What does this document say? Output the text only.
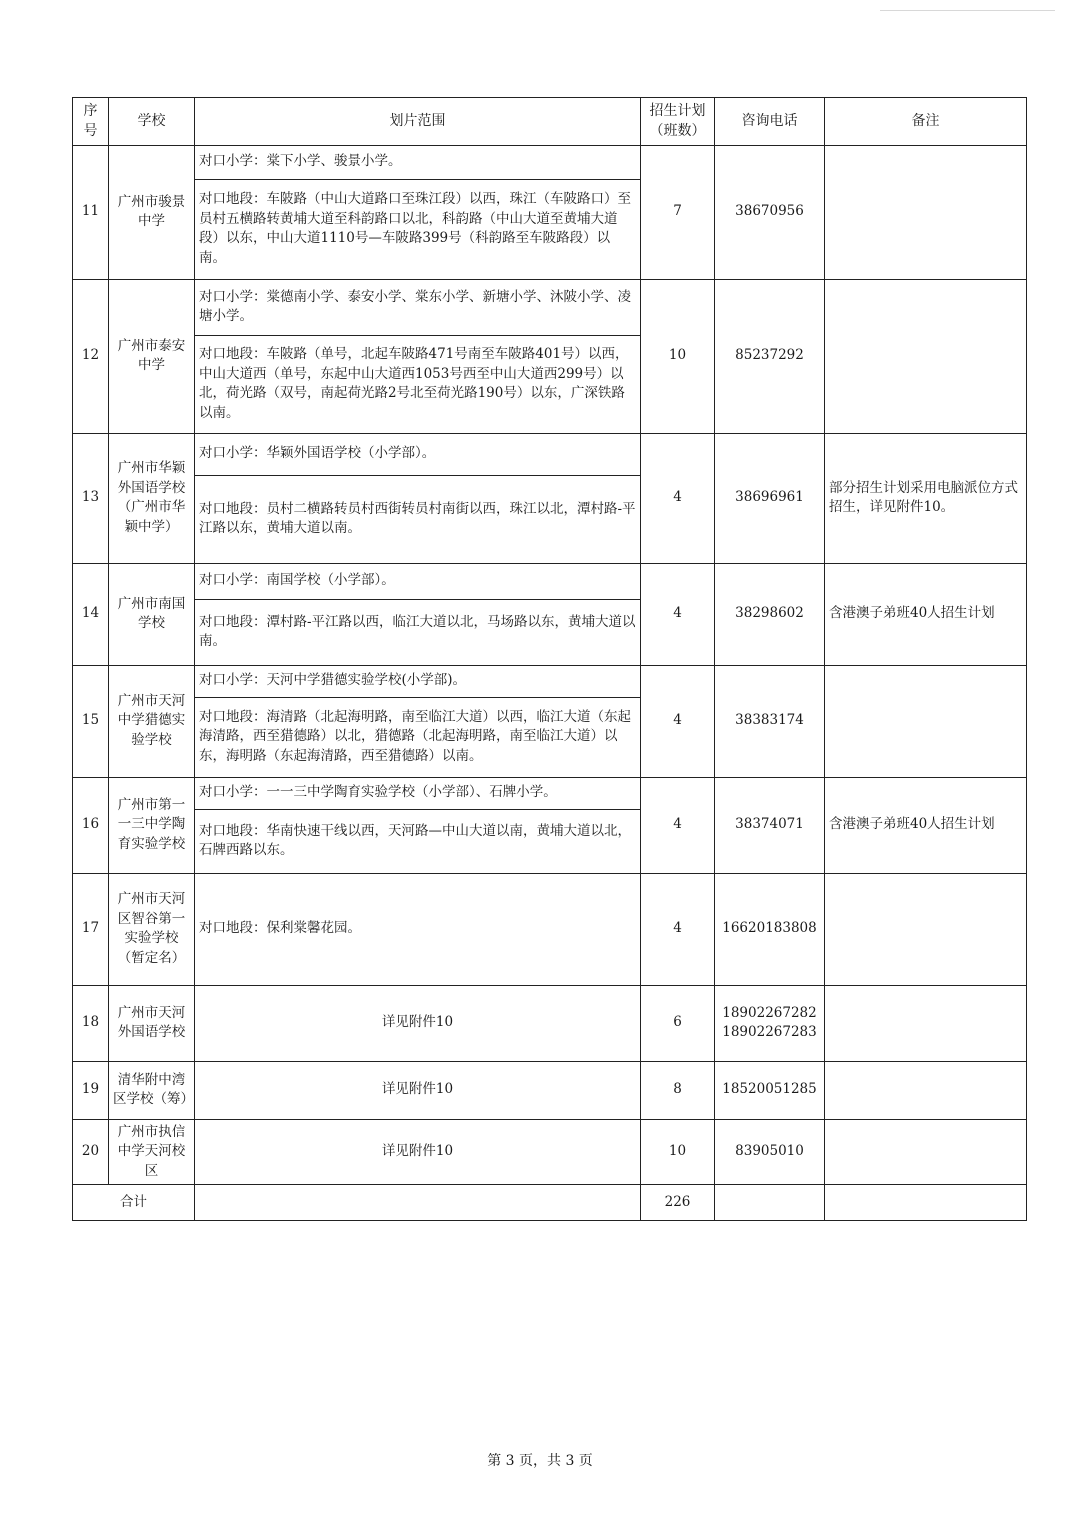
序号	学校	划片范围	招生计划（班数）	咨询电话	备注
11	广州市骏景中学	对口小学：棠下小学、骏景小学。	7	38670956	
		对口地段：车陂路（中山大道路口至珠江段）以西，珠江（车陂路口）至员村五横路转黄埔大道至科韵路口以北，科韵路（中山大道至黄埔大道段）以东，中山大道1110号—车陂路399号（科韵路至车陂路段）以南。			
12	广州市泰安中学	对口小学：棠德南小学、泰安小学、棠东小学、新塘小学、沐陂小学、凌塘小学。	10	85237292	
		对口地段：车陂路（单号，北起车陂路471号南至车陂路401号）以西，中山大道西（单号，东起中山大道西1053号西至中山大道西299号）以北，荷光路（双号，南起荷光路2号北至荷光路190号）以东，广深铁路以南。			
13	广州市华颖外国语学校（广州市华颖中学）	对口小学：华颖外国语学校（小学部）。	4	38696961	部分招生计划采用电脑派位方式招生，详见附件10。
		对口地段：员村二横路转员村西街转员村南街以西，珠江以北，潭村路-平江路以东，黄埔大道以南。			
14	广州市南国学校	对口小学：南国学校（小学部）。	4	38298602	含港澳子弟班40人招生计划
		对口地段：潭村路-平江路以西，临江大道以北，马场路以东，黄埔大道以南。			
15	广州市天河中学猎德实验学校	对口小学：天河中学猎德实验学校(小学部)。	4	38383174	
		对口地段：海清路（北起海明路，南至临江大道）以西，临江大道（东起海清路，西至猎德路）以北，猎德路（北起海明路，南至临江大道）以东，海明路（东起海清路，西至猎德路）以南。			
16	广州市第一一三中学陶育实验学校	对口小学：一一三中学陶育实验学校（小学部）、石牌小学。	4	38374071	含港澳子弟班40人招生计划
		对口地段：华南快速干线以西，天河路—中山大道以南，黄埔大道以北，石牌西路以东。			
17	广州市天河区智谷第一实验学校（暂定名）	对口地段：保利棠馨花园。	4	16620183808	
18	广州市天河外国语学校	详见附件10	6	18902267282
18902267283	

19	清华附中湾区学校（筹）	详见附件10	8	18520051285	
20	广州市执信中学天河校区	详见附件10	10	83905010	
合计			226		
第 3 页，共 3 页
